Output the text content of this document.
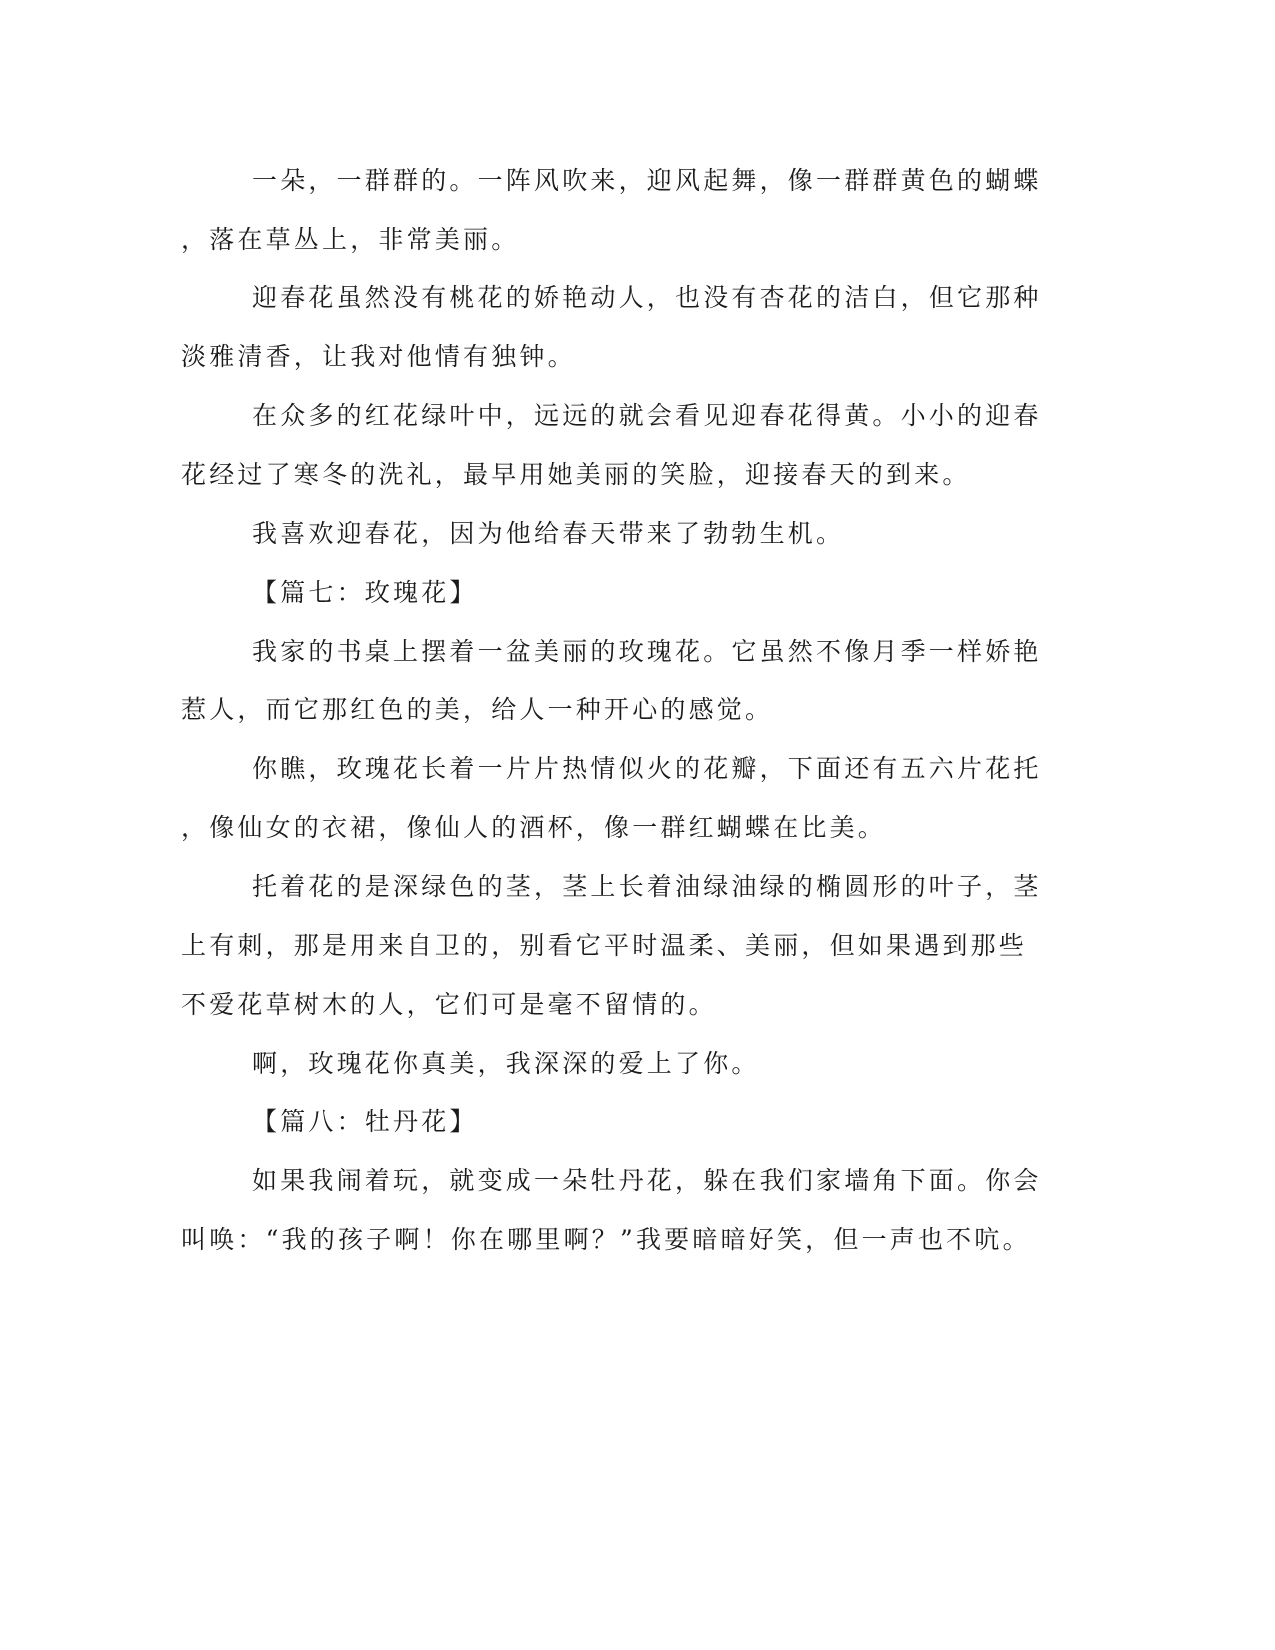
一朵，一群群的。一阵风吹来，迎风起舞，像一群群黄色的蝴蝶
，落在草丛上，非常美丽。
迎春花虽然没有桃花的娇艳动人，也没有杏花的洁白，但它那种
淡雅清香，让我对他情有独钟。
在众多的红花绿叶中，远远的就会看见迎春花得黄。小小的迎春
花经过了寒冬的洗礼，最早用她美丽的笑脸，迎接春天的到来。
我喜欢迎春花，因为他给春天带来了勃勃生机。
【篇七：玫瑰花】
我家的书桌上摆着一盆美丽的玫瑰花。它虽然不像月季一样娇艳
惹人，而它那红色的美，给人一种开心的感觉。
你瞧，玫瑰花长着一片片热情似火的花瓣，下面还有五六片花托
，像仙女的衣裙，像仙人的酒杯，像一群红蝴蝶在比美。
托着花的是深绿色的茎，茎上长着油绿油绿的椭圆形的叶子，茎
上有刺，那是用来自卫的，别看它平时温柔、美丽，但如果遇到那些
不爱花草树木的人，它们可是毫不留情的。
啊，玫瑰花你真美，我深深的爱上了你。
【篇八：牡丹花】
如果我闹着玩，就变成一朵牡丹花，躲在我们家墙角下面。你会
叫唤：“我的孩子啊！你在哪里啊？”我要暗暗好笑，但一声也不吭。
